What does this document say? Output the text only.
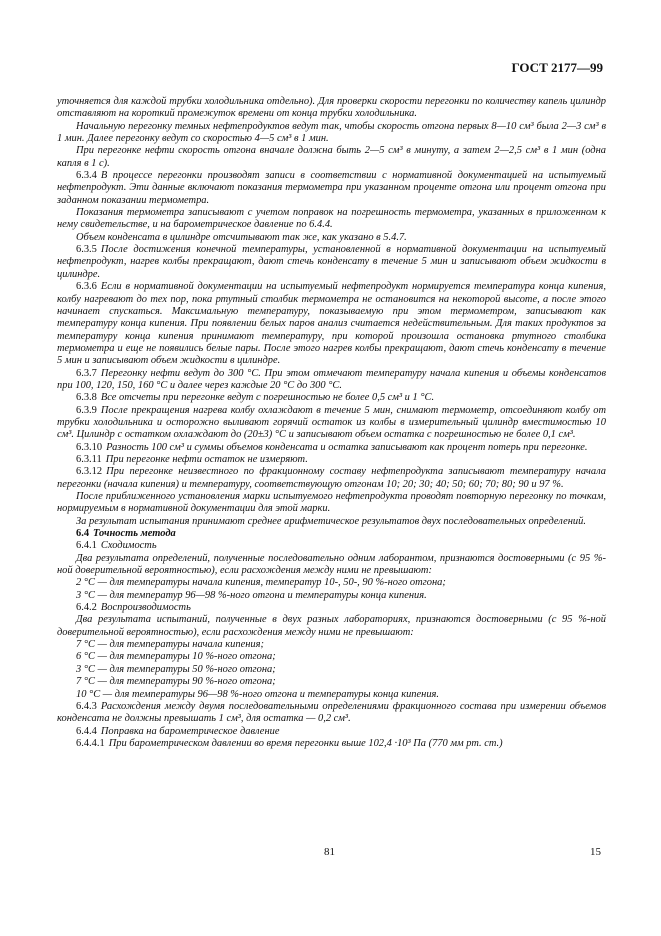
ГОСТ 2177—99

уточняется для каждой трубки холодильника отдельно). Для проверки скорости перегонки по количеству капель цилиндр отставляют на короткий промежуток времени от конца трубки холодильника.

Начальную перегонку темных нефтепродуктов ведут так, чтобы скорость отгона первых 8—10 см³ была 2—3 см³ в 1 мин. Далее перегонку ведут со скоростью 4—5 см³ в 1 мин.

При перегонке нефти скорость отгона вначале должна быть 2—5 см³ в минуту, а затем 2—2,5 см³ в 1 мин (одна капля в 1 с).

6.3.4 В процессе перегонки производят записи в соответствии с нормативной документацией на испытуемый нефтепродукт. Эти данные включают показания термометра при указанном проценте отгона или процент отгона при заданном показании термометра.

Показания термометра записывают с учетом поправок на погрешность термометра, указанных в приложенном к нему свидетельстве, и на барометрическое давление по 6.4.4.

Объем конденсата в цилиндре отсчитывают так же, как указано в 5.4.7.

6.3.5 После достижения конечной температуры, установленной в нормативной документации на испытуемый нефтепродукт, нагрев колбы прекращают, дают стечь конденсату в течение 5 мин и записывают объем жидкости в цилиндре.

6.3.6 Если в нормативной документации на испытуемый нефтепродукт нормируется температура конца кипения, колбу нагревают до тех пор, пока ртутный столбик термометра не остановится на некоторой высоте, а после этого начинает спускаться. Максимальную температуру, показываемую при этом термометром, записывают как температуру конца кипения. При появлении белых паров анализ считается недействительным. Для таких продуктов за температуру конца кипения принимают температуру, при которой произошла остановка ртутного столбика термометра и еще не появились белые пары. После этого нагрев колбы прекращают, дают стечь конденсату в течение 5 мин и записывают объем жидкости в цилиндре.

6.3.7 Перегонку нефти ведут до 300 °С. При этом отмечают температуру начала кипения и объемы конденсатов при 100, 120, 150, 160 °С и далее через каждые 20 °С до 300 °С.

6.3.8 Все отсчеты при перегонке ведут с погрешностью не более 0,5 см³ и 1 °С.

6.3.9 После прекращения нагрева колбу охлаждают в течение 5 мин, снимают термометр, отсоединяют колбу от трубки холодильника и осторожно выливают горячий остаток из колбы в измерительный цилиндр вместимостью 10 см³. Цилиндр с остатком охлаждают до (20±3) °С и записывают объем остатка с погрешностью не более 0,1 см³.

6.3.10 Разность 100 см³ и суммы объемов конденсата и остатка записывают как процент потерь при перегонке.

6.3.11 При перегонке нефти остаток не измеряют.

6.3.12 При перегонке неизвестного по фракционному составу нефтепродукта записывают температуру начала перегонки (начала кипения) и температуру, соответствующую отгонам 10; 20; 30; 40; 50; 60; 70; 80; 90 и 97 %.

После приближенного установления марки испытуемого нефтепродукта проводят повторную перегонку по точкам, нормируемым в нормативной документации для этой марки.

За результат испытания принимают среднее арифметическое результатов двух последовательных определений.

6.4 Точность метода

6.4.1 Сходимость

Два результата определений, полученные последовательно одним лаборантом, признаются достоверными (с 95 %-ной доверительной вероятностью), если расхождения между ними не превышают:

2 °С — для температуры начала кипения, температур 10-, 50-, 90 %-ного отгона;

3 °С — для температур 96—98 %-ного отгона и температуры конца кипения.

6.4.2 Воспроизводимость

Два результата испытаний, полученные в двух разных лабораториях, признаются достоверными (с 95 %-ной доверительной вероятностью), если расхождения между ними не превышают:

7 °С — для температуры начала кипения;

6 °С — для температуры 10 %-ного отгона;

3 °С — для температуры 50 %-ного отгона;

7 °С — для температуры 90 %-ного отгона;

10 °С — для температуры 96—98 %-ного отгона и температуры конца кипения.

6.4.3 Расхождения между двумя последовательными определениями фракционного состава при измерении объемов конденсата не должны превышать 1 см³, для остатка — 0,2 см³.

6.4.4 Поправка на барометрическое давление

6.4.4.1 При барометрическом давлении во время перегонки выше 102,4 ·10³ Па (770 мм рт. ст.)

81	15
